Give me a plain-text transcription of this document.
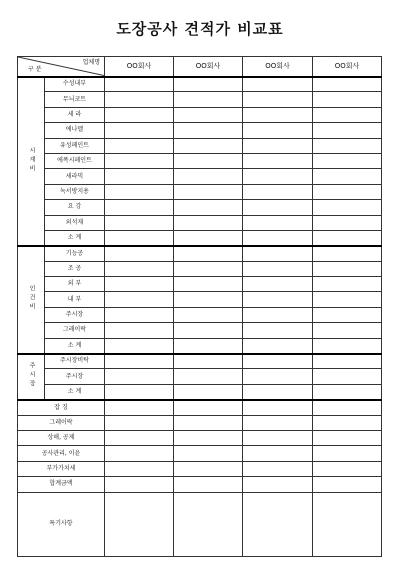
도장공사 견적가 비교표
업체명
구 분		OO회사	OO회사	OO회사	OO회사
시재비	수성내부				
	무늬코트				
	세 라				
	에나멜				
	유성페인트				
	에폭시페인트				
	세라믹				
	녹서방지용				
	요 강				
	외석재				
	소 계				
인건비	기능공				
	조 공				
	외 부				
	내 부				
	주시장				
	그레이락				
	소 계				
주시장	주시장비탁				
	주시장				
	소 계				
잡 징					
그레이락					
상해, 공제					
공사관리, 이윤					
부가가치세					
합계금액					
특기사항					
